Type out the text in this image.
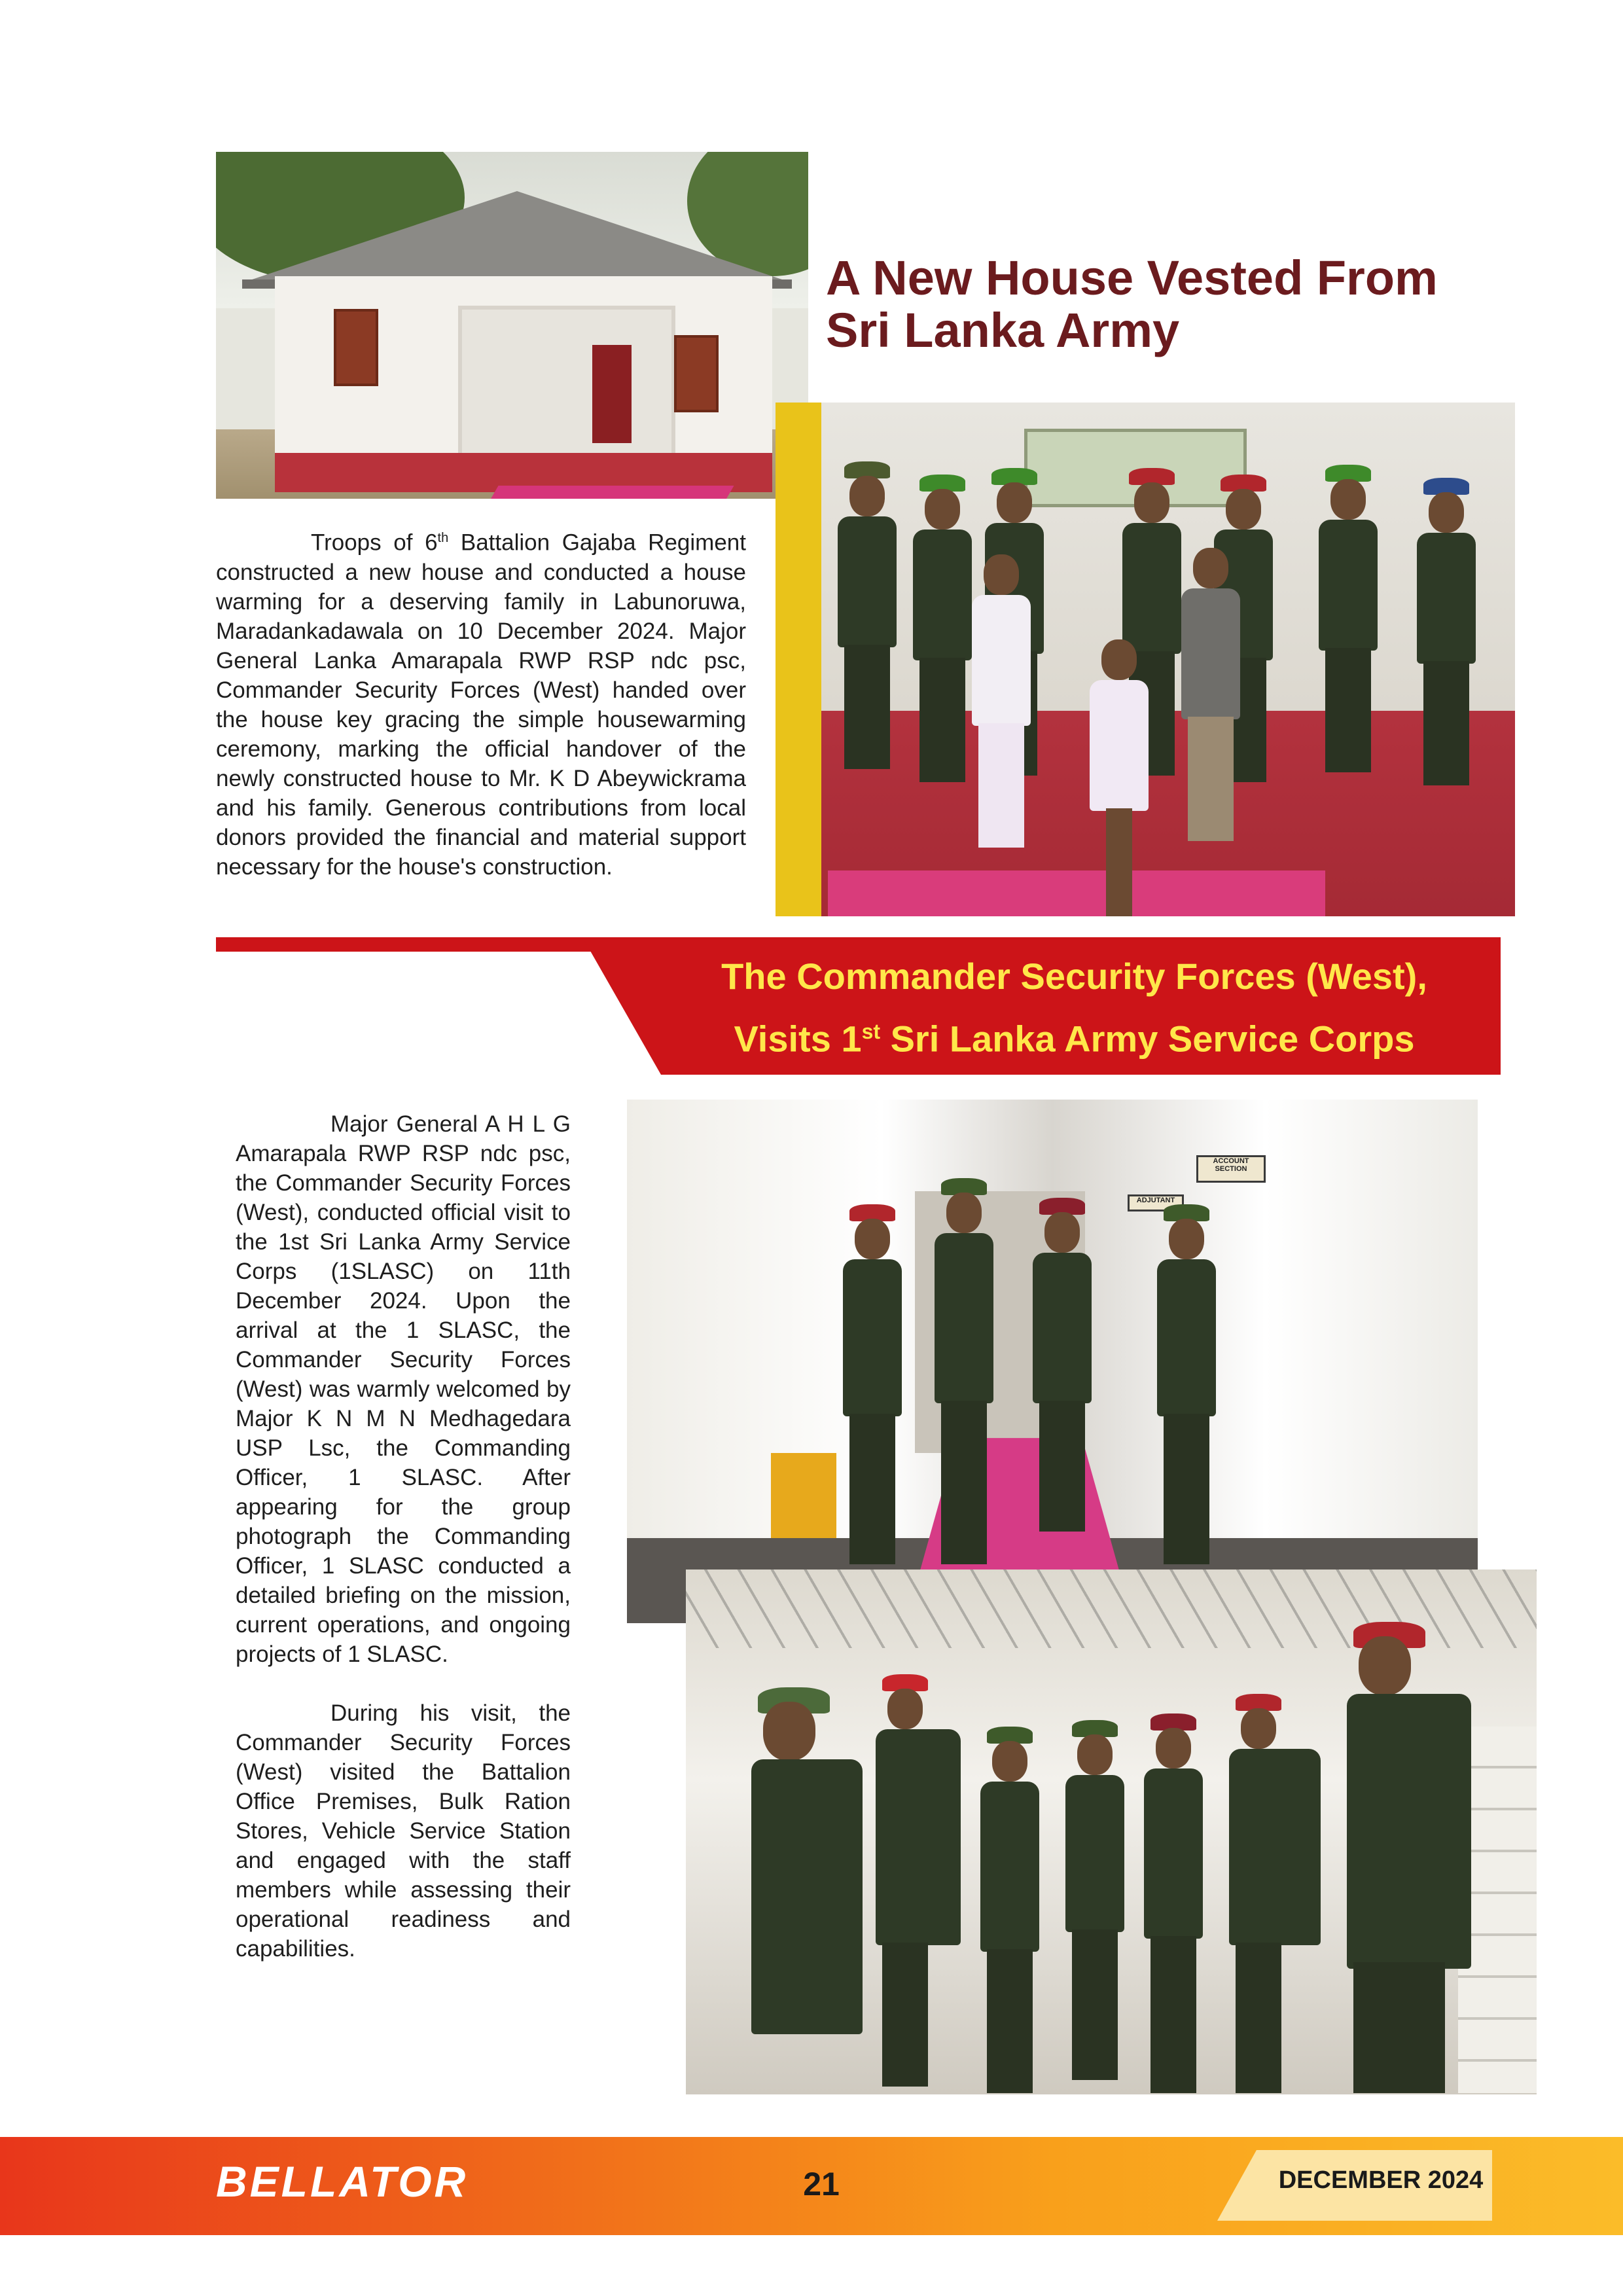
A New House Vested From
Sri Lanka Army
Troops of 6th Battalion Gajaba Regiment constructed a new house and conducted a house warming for a deserving family in Labunoruwa, Maradankadawala on 10 December 2024. Major General Lanka Amarapala RWP RSP ndc psc, Commander Security Forces (West) handed over the house key gracing the simple housewarming ceremony, marking the official handover of the newly constructed house to Mr. K D Abeywickrama and his family. Generous contributions from local donors provided the financial and material support necessary for the house's construction.
The Commander Security Forces (West),
Visits 1st Sri Lanka Army Service Corps

Major General A H L G Amarapala RWP RSP ndc psc, the Commander Security Forces (West), conducted official visit to the 1st Sri Lanka Army Service Corps (1SLASC) on 11th December 2024. Upon the arrival at the 1 SLASC, the Commander Security Forces (West) was warmly welcomed by Major K N M N Medhagedara USP Lsc, the Commanding Officer, 1 SLASC. After appearing for the group photograph the Commanding Officer, 1 SLASC conducted a detailed briefing on the mission, current operations, and ongoing projects of 1 SLASC.

During his visit, the Commander Security Forces (West) visited the Battalion Office Premises, Bulk Ration Stores, Vehicle Service Station and engaged with the staff members while assessing their operational readiness and capabilities.

ACCOUNT SECTION
ADJUTANT
BELLATOR	21	DECEMBER 2024
